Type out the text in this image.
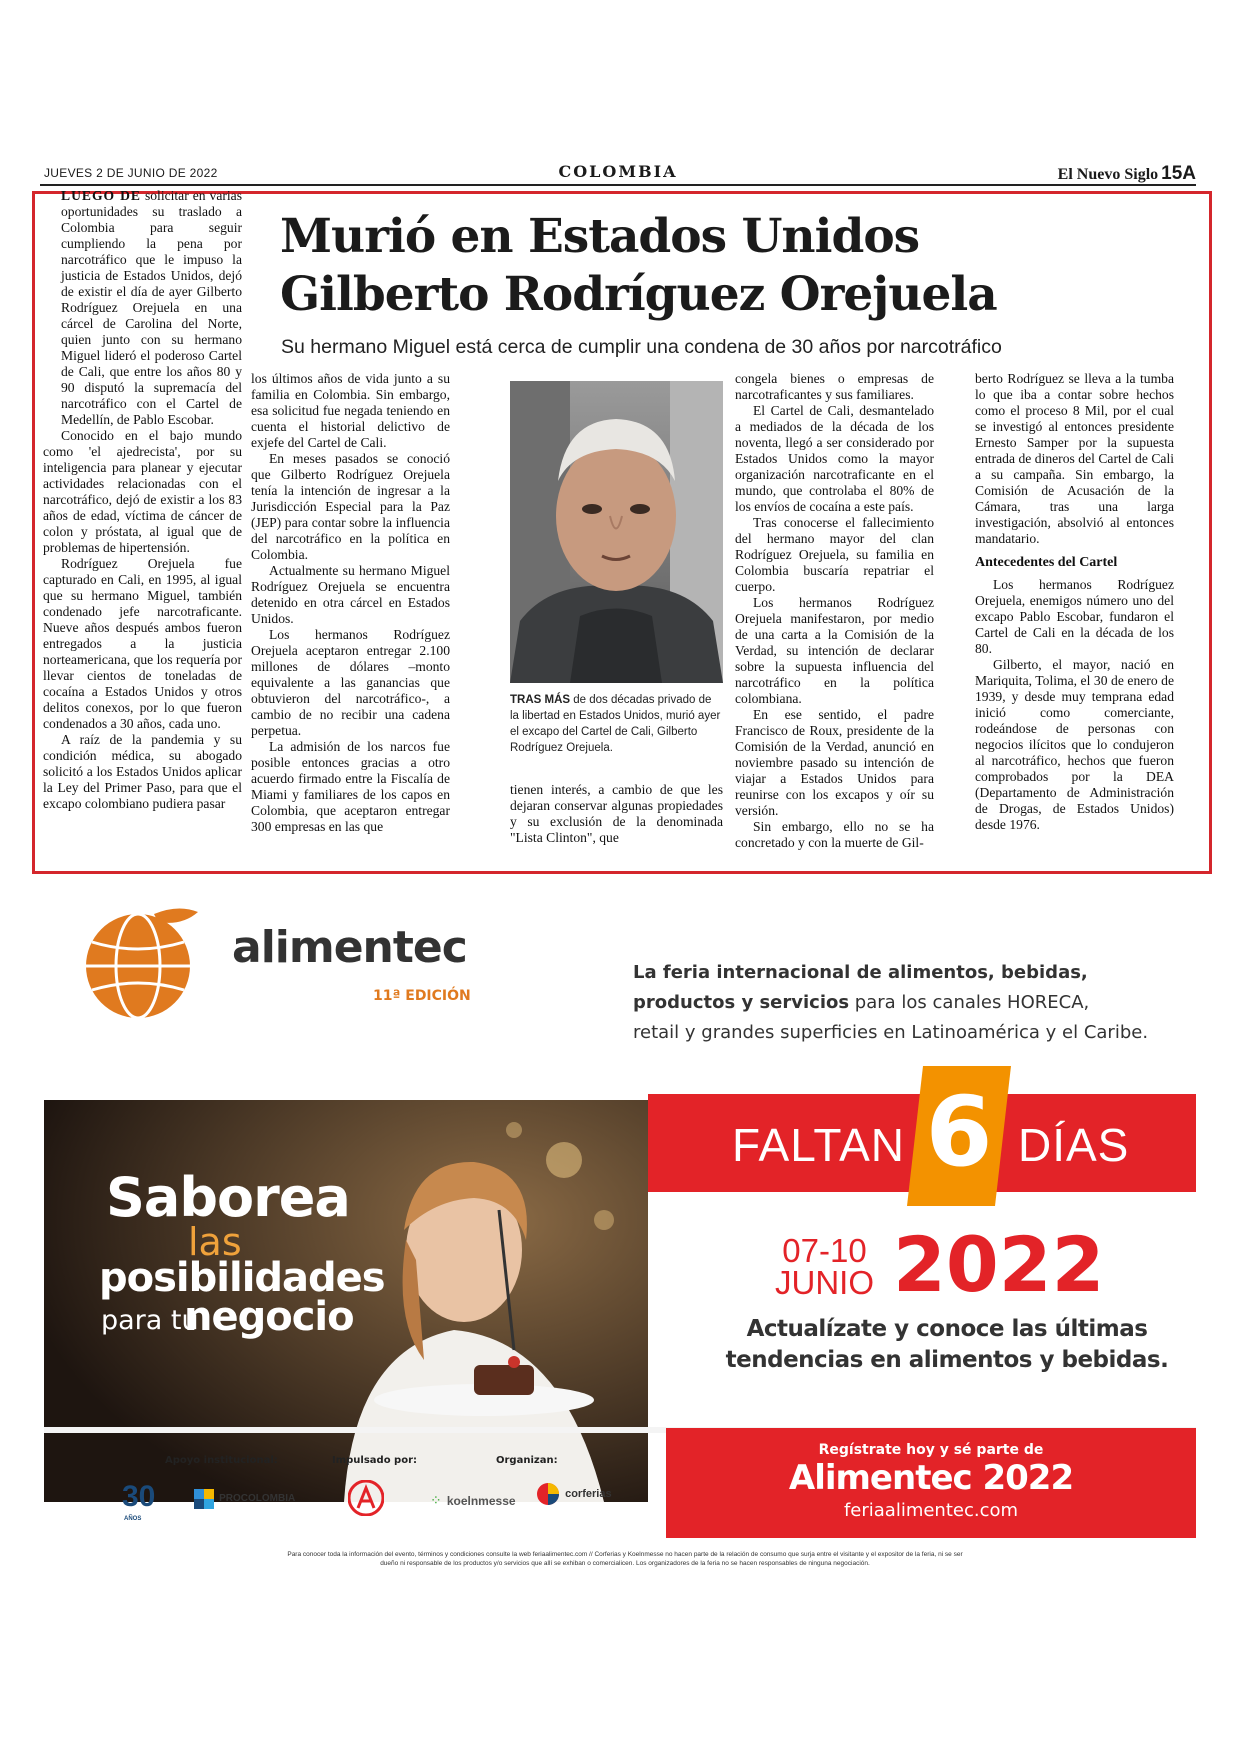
JUEVES 2 DE JUNIO DE 2022	COLOMBIA	El Nuevo Siglo 15A
Murió en Estados Unidos
Gilberto Rodríguez Orejuela
Su hermano Miguel está cerca de cumplir una condena de 30 años por narcotráfico

LUEGO DE solicitar en varias oportunidades su traslado a Colombia para seguir cumpliendo la pena por narcotráfico que le impuso la justicia de Estados Unidos, dejó de existir el día de ayer Gilberto Rodríguez Orejuela en una cárcel de Carolina del Norte, quien junto con su hermano Miguel lideró el poderoso Cartel de Cali, que entre los años 80 y 90 disputó la supremacía del narcotráfico con el Cartel de Medellín, de Pablo Escobar.

Conocido en el bajo mundo como 'el ajedrecista', por su inteligencia para planear y ejecutar actividades relacionadas con el narcotráfico, dejó de existir a los 83 años de edad, víctima de cáncer de colon y próstata, al igual que de problemas de hipertensión.

Rodríguez Orejuela fue capturado en Cali, en 1995, al igual que su hermano Miguel, también condenado jefe narcotraficante. Nueve años después ambos fueron entregados a la justicia norteamericana, que los requería por llevar cientos de toneladas de cocaína a Estados Unidos y otros delitos conexos, por lo que fueron condenados a 30 años, cada uno.

A raíz de la pandemia y su condición médica, su abogado solicitó a los Estados Unidos aplicar la Ley del Primer Paso, para que el excapo colombiano pudiera pasar

los últimos años de vida junto a su familia en Colombia. Sin embargo, esa solicitud fue negada teniendo en cuenta el historial delictivo de exjefe del Cartel de Cali.

En meses pasados se conoció que Gilberto Rodríguez Orejuela tenía la intención de ingresar a la Jurisdicción Especial para la Paz (JEP) para contar sobre la influencia del narcotráfico en la política en Colombia.

Actualmente su hermano Miguel Rodríguez Orejuela se encuentra detenido en otra cárcel en Estados Unidos.

Los hermanos Rodríguez Orejuela aceptaron entregar 2.100 millones de dólares –monto equivalente a las ganancias que obtuvieron del narcotráfico-, a cambio de no recibir una cadena perpetua.

La admisión de los narcos fue posible entonces gracias a otro acuerdo firmado entre la Fiscalía de Miami y familiares de los capos en Colombia, que aceptaron entregar 300 empresas en las que

TRAS MÁS de dos décadas privado de la libertad en Estados Unidos, murió ayer el excapo del Cartel de Cali, Gilberto Rodríguez Orejuela.

tienen interés, a cambio de que les dejaran conservar algunas propiedades y su exclusión de la denominada "Lista Clinton", que

congela bienes o empresas de narcotraficantes y sus familiares.

El Cartel de Cali, desmantelado a mediados de la década de los noventa, llegó a ser considerado por Estados Unidos como la mayor organización narcotraficante en el mundo, que controlaba el 80% de los envíos de cocaína a este país.

Tras conocerse el fallecimiento del hermano mayor del clan Rodríguez Orejuela, su familia en Colombia buscaría repatriar el cuerpo.

Los hermanos Rodríguez Orejuela manifestaron, por medio de una carta a la Comisión de la Verdad, su intención de declarar sobre la supuesta influencia del narcotráfico en la política colombiana.

En ese sentido, el padre Francisco de Roux, presidente de la Comisión de la Verdad, anunció en noviembre pasado su intención de viajar a Estados Unidos para reunirse con los excapos y oír su versión.

Sin embargo, ello no se ha concretado y con la muerte de Gil-

berto Rodríguez se lleva a la tumba lo que iba a contar sobre hechos como el proceso 8 Mil, por el cual se investigó al entonces presidente Ernesto Samper por la supuesta entrada de dineros del Cartel de Cali a su campaña. Sin embargo, la Comisión de Acusación de la Cámara, tras una larga investigación, absolvió al entonces mandatario.

Antecedentes del Cartel

Los hermanos Rodríguez Orejuela, enemigos número uno del excapo Pablo Escobar, fundaron el Cartel de Cali en la década de los 80.

Gilberto, el mayor, nació en Mariquita, Tolima, el 30 de enero de 1939, y desde muy temprana edad inició como comerciante, rodeándose de personas con negocios ilícitos que lo condujeron al narcotráfico, hechos que fueron comprobados por la DEA (Departamento de Administración de Drogas, de Estados Unidos) desde 1976.

alimentec
11ª EDICIÓN
La feria internacional de alimentos, bebidas,
productos y servicios para los canales HORECA,
retail y grandes superficies en Latinoamérica y el Caribe.
Saborea
las
posibilidades
para tu
negocio
FALTAN 6 DÍAS
07-10
JUNIO 2022
Actualízate y conoce las últimas
tendencias en alimentos y bebidas.
Apoyo institucional:	Impulsado por:	Organizan:
30
AÑOS
PROCOLOMBIA	⁘ koelnmesse	corferias
Regístrate hoy y sé parte de
Alimentec 2022
feriaalimentec.com
Para conocer toda la información del evento, términos y condiciones consulte la web feriaalimentec.com // Corferias y Koelnmesse no hacen parte de la relación de consumo que surja entre el visitante y el expositor de la feria, ni se ser dueño ni responsable de los productos y/o servicios que allí se exhiban o comercialicen. Los organizadores de la feria no se hacen responsables de ninguna negociación.
